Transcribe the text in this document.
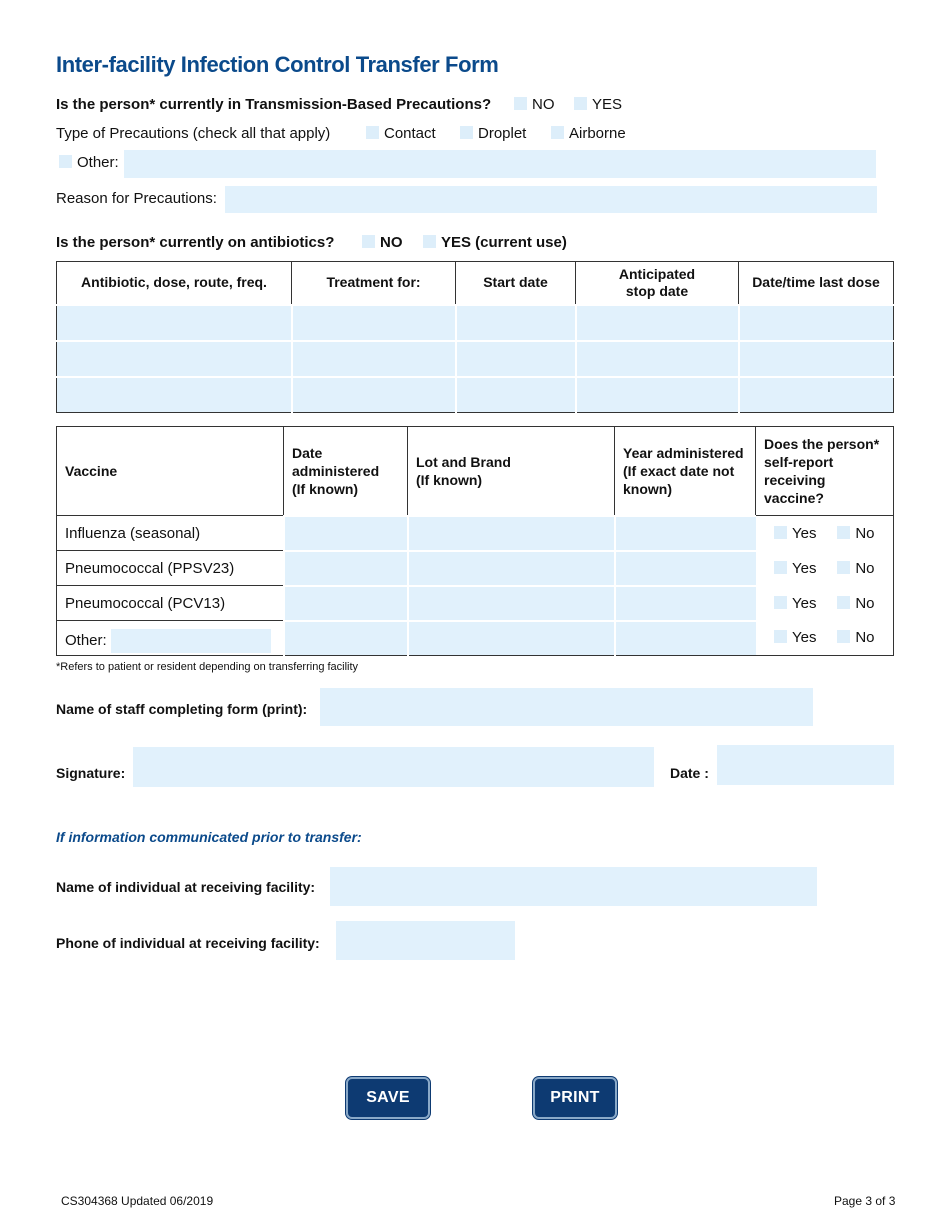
Inter-facility Infection Control Transfer Form
Is the person* currently in Transmission-Based Precautions?	NO	YES
Type of Precautions (check all that apply)	Contact	Droplet	Airborne
Other:
Reason for Precautions:
Is the person* currently on antibiotics?	NO	YES (current use)
Antibiotic, dose, route, freq.	Treatment for:	Start date	Anticipated stop date	Date/time last dose

Vaccine	Date administered (If known)	Lot and Brand (If known)	Year administered (If exact date not known)	Does the person* self-report receiving vaccine?
Influenza (seasonal)				Yes No
Pneumococcal (PPSV23)				Yes No
Pneumococcal (PCV13)				Yes No
Other:				Yes No
*Refers to patient or resident depending on transferring facility
Name of staff completing form (print):
Signature:	Date :
If information communicated prior to transfer:
Name of individual at receiving facility:
Phone of individual at receiving facility:
SAVE	PRINT
CS304368 Updated 06/2019	Page 3 of 3
